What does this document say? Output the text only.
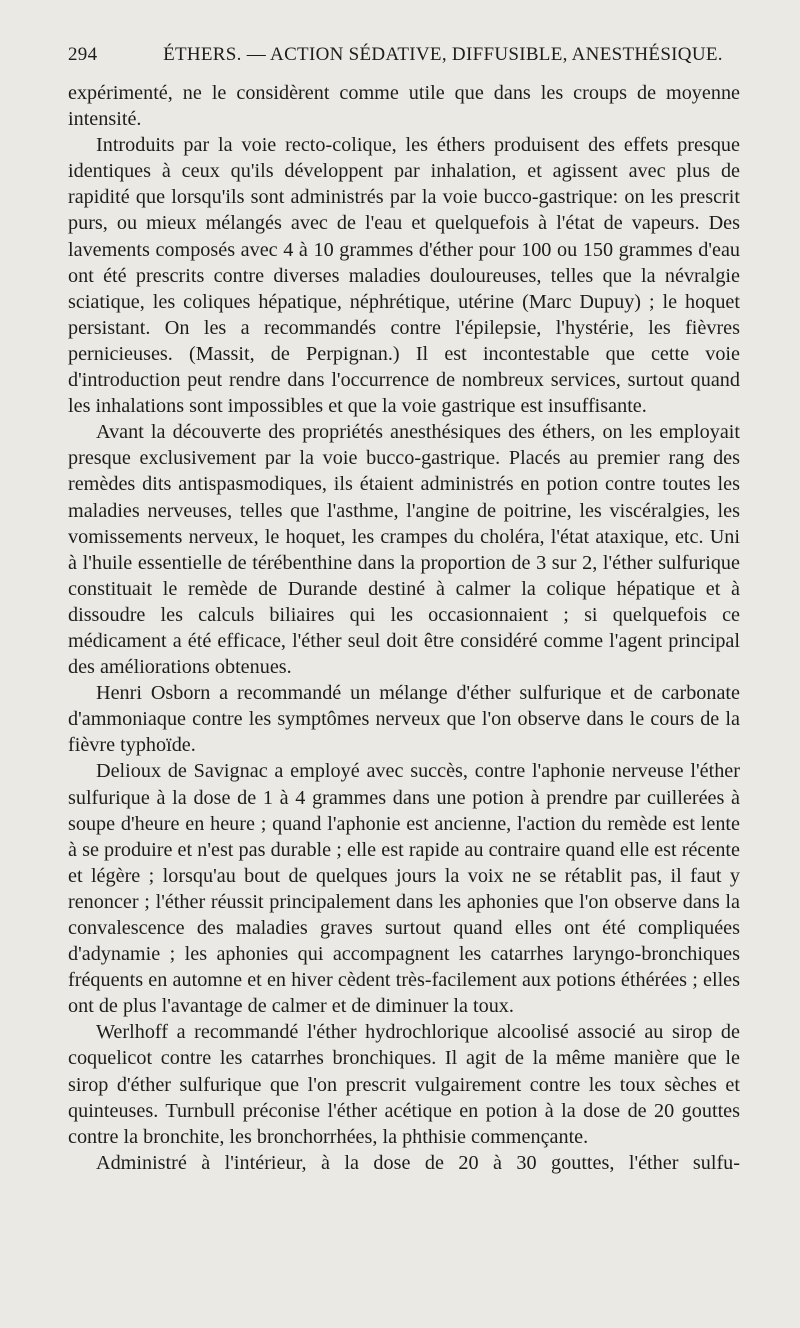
294	ÉTHERS. — ACTION SÉDATIVE, DIFFUSIBLE, ANESTHÉSIQUE.

expérimenté, ne le considèrent comme utile que dans les croups de moyenne intensité.

Introduits par la voie recto-colique, les éthers produisent des effets presque identiques à ceux qu'ils développent par inhalation, et agissent avec plus de rapidité que lorsqu'ils sont administrés par la voie bucco-gastrique: on les prescrit purs, ou mieux mélangés avec de l'eau et quelquefois à l'état de vapeurs. Des lavements composés avec 4 à 10 grammes d'éther pour 100 ou 150 grammes d'eau ont été prescrits contre diverses maladies douloureuses, telles que la névralgie sciatique, les coliques hépatique, néphrétique, utérine (Marc Dupuy) ; le hoquet persistant. On les a recommandés contre l'épilepsie, l'hystérie, les fièvres pernicieuses. (Massit, de Perpignan.) Il est incontestable que cette voie d'introduction peut rendre dans l'occurrence de nombreux services, surtout quand les inhalations sont impossibles et que la voie gastrique est insuffisante.

Avant la découverte des propriétés anesthésiques des éthers, on les employait presque exclusivement par la voie bucco-gastrique. Placés au premier rang des remèdes dits antispasmodiques, ils étaient administrés en potion contre toutes les maladies nerveuses, telles que l'asthme, l'angine de poitrine, les viscéralgies, les vomissements nerveux, le hoquet, les crampes du choléra, l'état ataxique, etc. Uni à l'huile essentielle de térébenthine dans la proportion de 3 sur 2, l'éther sulfurique constituait le remède de Durande destiné à calmer la colique hépatique et à dissoudre les calculs biliaires qui les occasionnaient ; si quelquefois ce médicament a été efficace, l'éther seul doit être considéré comme l'agent principal des améliorations obtenues.

Henri Osborn a recommandé un mélange d'éther sulfurique et de carbonate d'ammoniaque contre les symptômes nerveux que l'on observe dans le cours de la fièvre typhoïde.

Delioux de Savignac a employé avec succès, contre l'aphonie nerveuse l'éther sulfurique à la dose de 1 à 4 grammes dans une potion à prendre par cuillerées à soupe d'heure en heure ; quand l'aphonie est ancienne, l'action du remède est lente à se produire et n'est pas durable ; elle est rapide au contraire quand elle est récente et légère ; lorsqu'au bout de quelques jours la voix ne se rétablit pas, il faut y renoncer ; l'éther réussit principalement dans les aphonies que l'on observe dans la convalescence des maladies graves surtout quand elles ont été compliquées d'adynamie ; les aphonies qui accompagnent les catarrhes laryngo-bronchiques fréquents en automne et en hiver cèdent très-facilement aux potions éthérées ; elles ont de plus l'avantage de calmer et de diminuer la toux.

Werlhoff a recommandé l'éther hydrochlorique alcoolisé associé au sirop de coquelicot contre les catarrhes bronchiques. Il agit de la même manière que le sirop d'éther sulfurique que l'on prescrit vulgairement contre les toux sèches et quinteuses. Turnbull préconise l'éther acétique en potion à la dose de 20 gouttes contre la bronchite, les bronchorrhées, la phthisie commençante.

Administré à l'intérieur, à la dose de 20 à 30 gouttes, l'éther sulfu-
